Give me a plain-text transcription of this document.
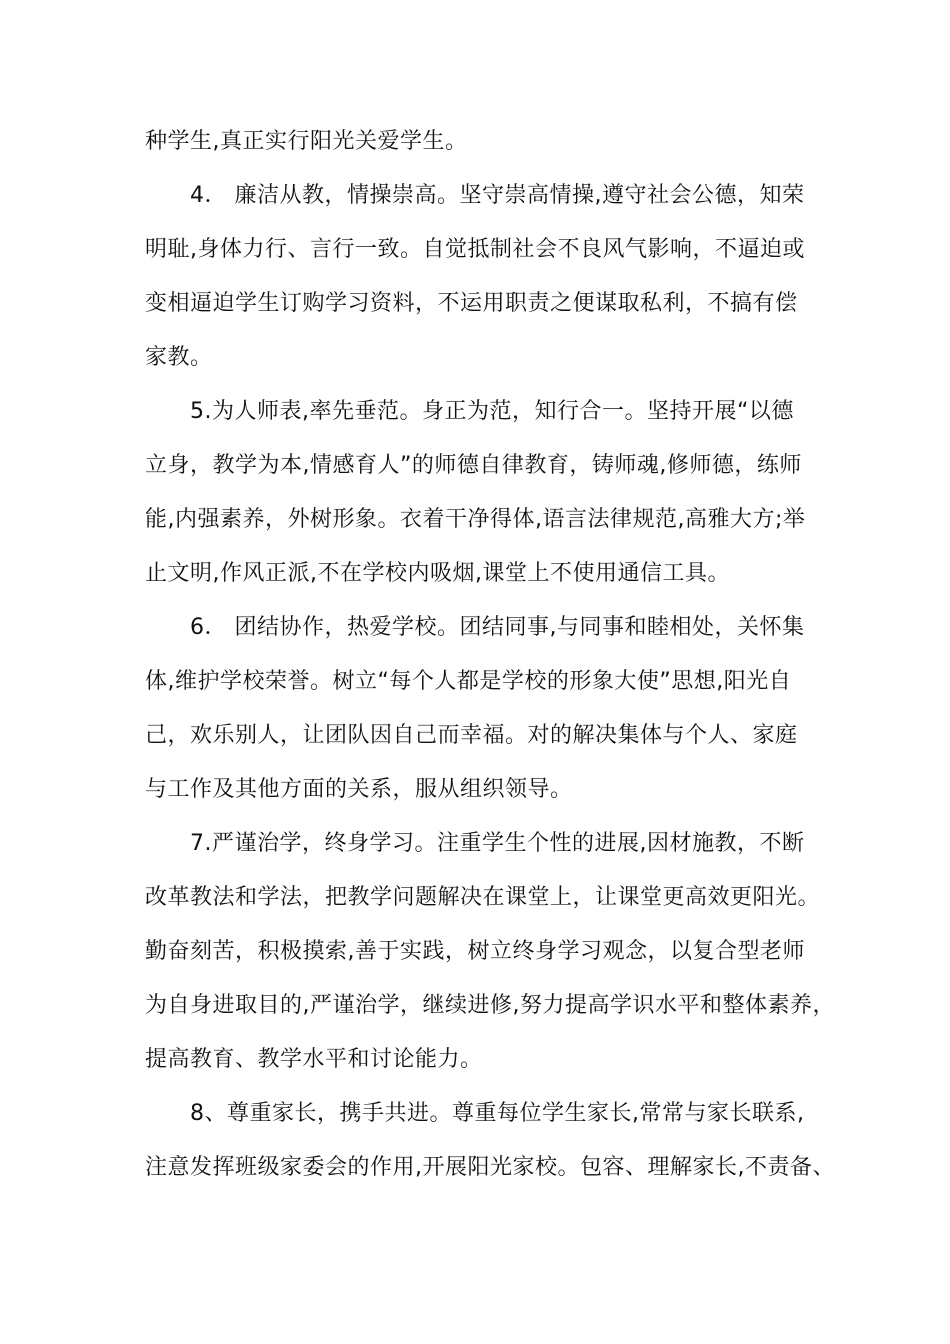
种学生,真正实行阳光关爱学生。
4． 廉洁从教，情操崇高。坚守崇高情操,遵守社会公德，知荣
明耻,身体力行、言行一致。自觉抵制社会不良风气影响，不逼迫或
变相逼迫学生订购学习资料，不运用职责之便谋取私利，不搞有偿
家教。
5.为人师表,率先垂范。身正为范，知行合一。坚持开展“以德
立身，教学为本,情感育人”的师德自律教育，铸师魂,修师德，练师
能,内强素养，外树形象。衣着干净得体,语言法律规范,高雅大方;举
止文明,作风正派,不在学校内吸烟,课堂上不使用通信工具。
6． 团结协作，热爱学校。团结同事,与同事和睦相处，关怀集
体,维护学校荣誉。树立“每个人都是学校的形象大使”思想,阳光自
己，欢乐别人，让团队因自己而幸福。对的解决集体与个人、家庭
与工作及其他方面的关系，服从组织领导。
7.严谨治学，终身学习。注重学生个性的进展,因材施教，不断
改革教法和学法，把教学问题解决在课堂上，让课堂更高效更阳光。
勤奋刻苦，积极摸索,善于实践，树立终身学习观念，以复合型老师
为自身进取目的,严谨治学，继续进修,努力提高学识水平和整体素养，
提高教育、教学水平和讨论能力。
8、尊重家长，携手共进。尊重每位学生家长,常常与家长联系,
注意发挥班级家委会的作用,开展阳光家校。包容、理解家长,不责备、
